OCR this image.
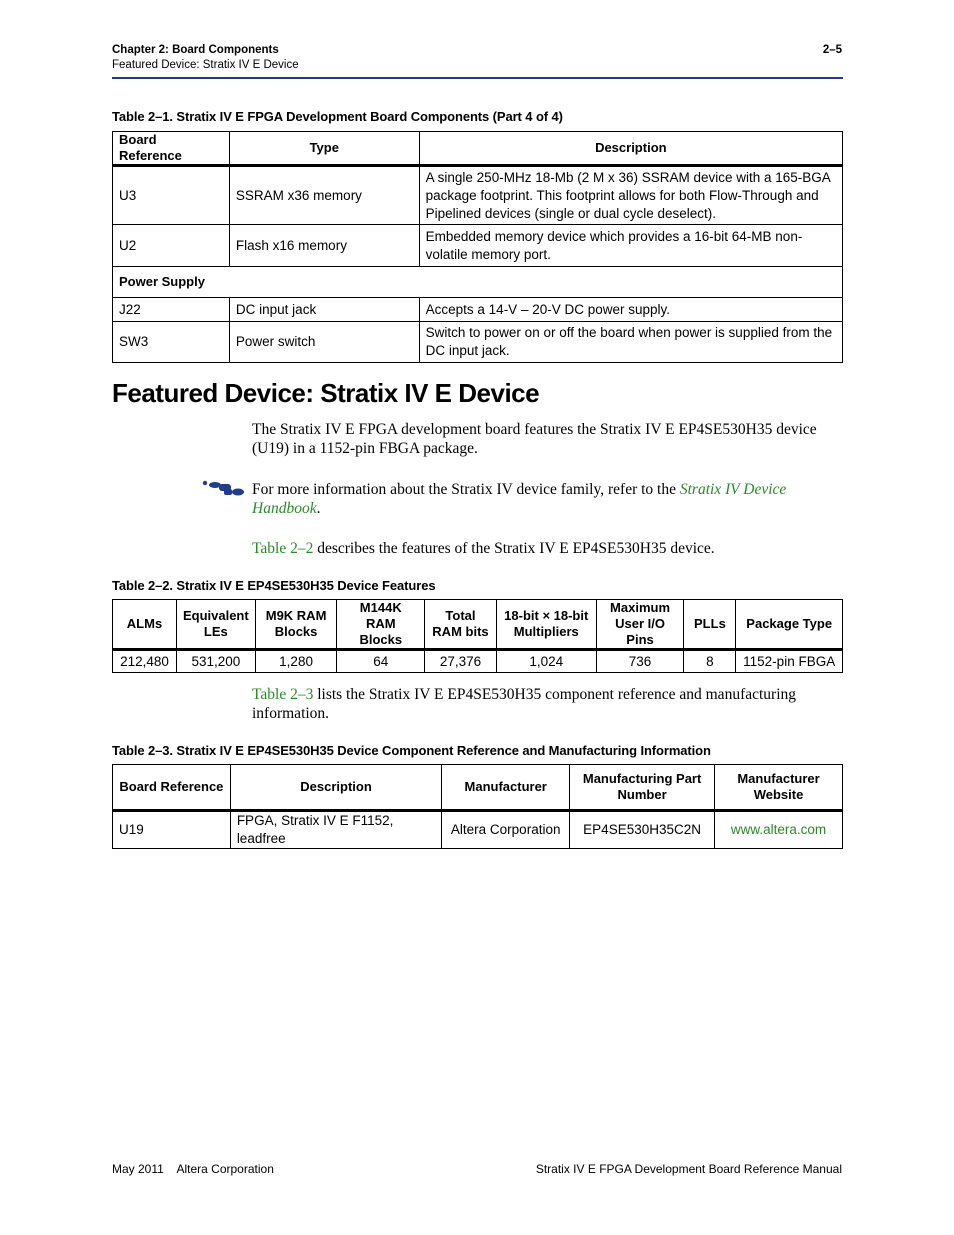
Chapter 2: Board Components
Featured Device: Stratix IV E Device
2–5
Table 2–1. Stratix IV E FPGA Development Board Components (Part 4 of 4)
Board Reference	Type	Description
U3	SSRAM x36 memory	A single 250-MHz 18-Mb (2 M x 36) SSRAM device with a 165-BGA package footprint. This footprint allows for both Flow-Through and Pipelined devices (single or dual cycle deselect).
U2	Flash x16 memory	Embedded memory device which provides a 16-bit 64-MB non-volatile memory port.
Power Supply		
J22	DC input jack	Accepts a 14-V – 20-V DC power supply.
SW3	Power switch	Switch to power on or off the board when power is supplied from the DC input jack.
Featured Device: Stratix IV E Device
The Stratix IV E FPGA development board features the Stratix IV E EP4SE530H35 device (U19) in a 1152-pin FBGA package.
For more information about the Stratix IV device family, refer to the Stratix IV Device Handbook.
Table 2–2 describes the features of the Stratix IV E EP4SE530H35 device.
Table 2–2. Stratix IV E EP4SE530H35 Device Features
ALMs	Equivalent LEs	M9K RAM Blocks	M144K RAM Blocks	Total RAM bits	18-bit × 18-bit Multipliers	Maximum User I/O Pins	PLLs	Package Type
212,480	531,200	1,280	64	27,376	1,024	736	8	1152-pin FBGA
Table 2–3 lists the Stratix IV E EP4SE530H35 component reference and manufacturing information.
Table 2–3. Stratix IV E EP4SE530H35 Device Component Reference and Manufacturing Information
Board Reference	Description	Manufacturer	Manufacturing Part Number	Manufacturer Website
U19	FPGA, Stratix IV E F1152, leadfree	Altera Corporation	EP4SE530H35C2N	www.altera.com
May 2011    Altera Corporation	Stratix IV E FPGA Development Board Reference Manual
